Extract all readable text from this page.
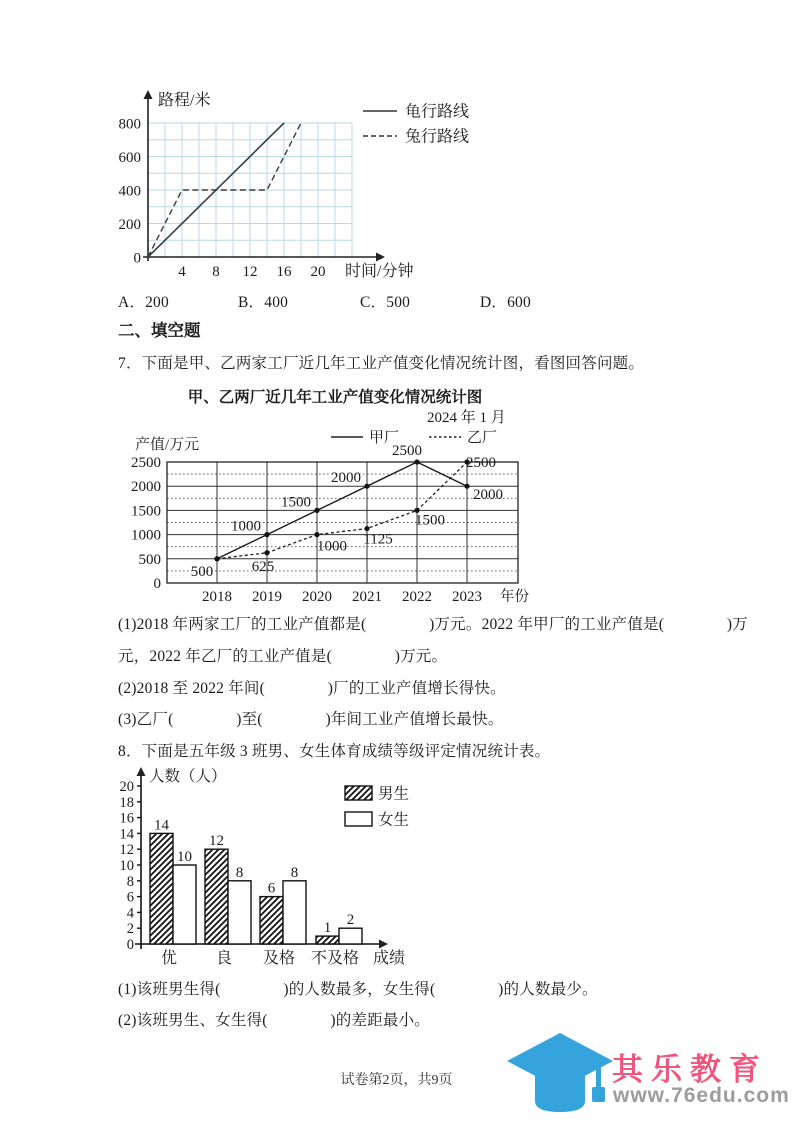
0
200
400
600
800
4 8 12 16 20
路程/米
时间/分钟
龟行路线
兔行路线
A．200	B．400	C．500	D．600
二、填空题
7．下面是甲、乙两家工厂近几年工业产值变化情况统计图，看图回答问题。
甲、乙两厂近几年工业产值变化情况统计图
2024 年 1 月
甲厂	乙厂
产值/万元
0
500
1000
1500
2000
2500
2018 2019 2020 2021 2022 2023 年份
500
1000
1500
2000
2500
2000
625
1000 1125
1500
2500
(1)2018 年两家工厂的工业产值都是(　　　　)万元。2022 年甲厂的工业产值是(　　　　)万
元，2022 年乙厂的工业产值是(　　　　)万元。
(2)2018 至 2022 年间(　　　　)厂的工业产值增长得快。
(3)乙厂(　　　　)至(　　　　)年间工业产值增长最快。
8．下面是五年级 3 班男、女生体育成绩等级评定情况统计表。
0
2
4
6
8
10
12
14
16
18
20
人数（人）
成绩
14
12
6
1
10
8	8
2
优 良 及格 不及格
男生
女生
(1)该班男生得(　　　　)的人数最多，女生得(　　　　)的人数最少。
(2)该班男生、女生得(　　　　)的差距最小。
试卷第2页，共9页	其乐教育
www.76edu.com
